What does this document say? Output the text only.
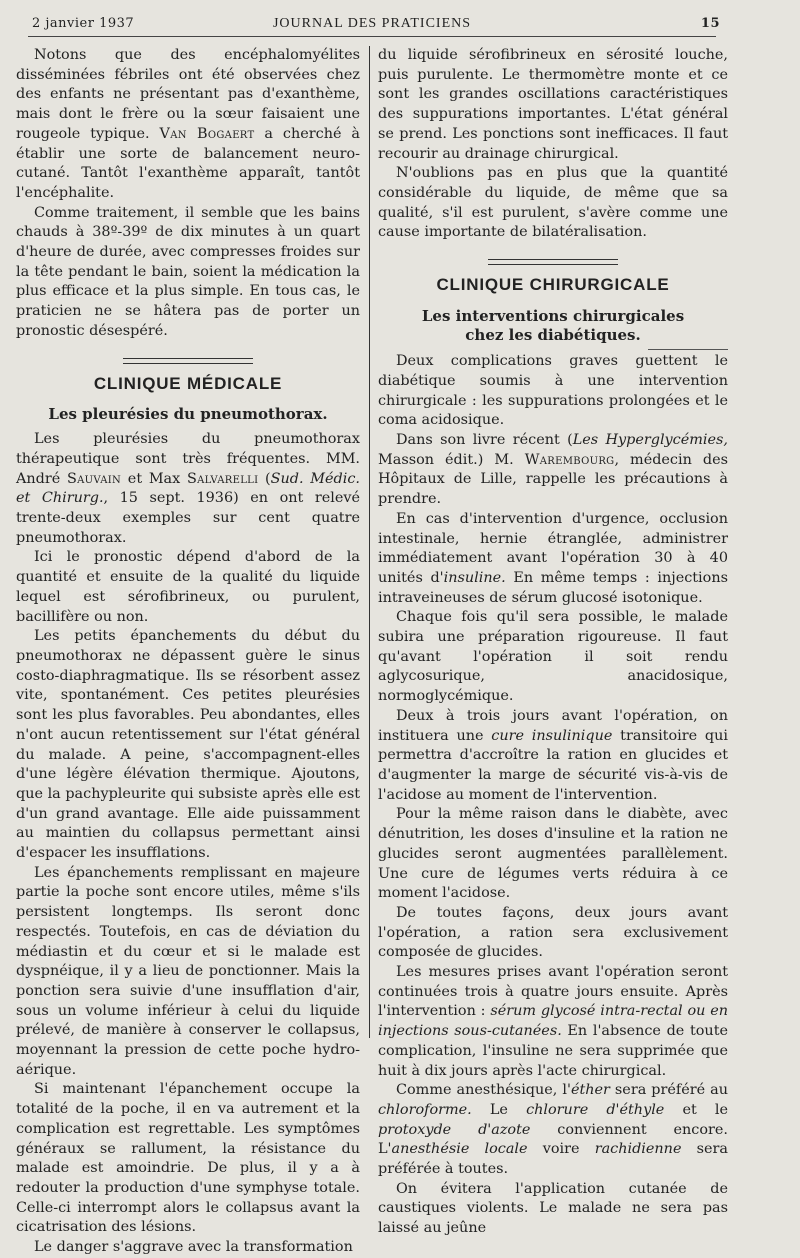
2 janvier 1937	JOURNAL DES PRATICIENS	15

Notons que des encéphalomyélites disséminées fébriles ont été observées chez des enfants ne présentant pas d'exanthème, mais dont le frère ou la sœur faisaient une rougeole typique. Van Bogaert a cherché à établir une sorte de balancement neuro-cutané. Tantôt l'exanthème apparaît, tantôt l'encéphalite.

Comme traitement, il semble que les bains chauds à 38º-39º de dix minutes à un quart d'heure de durée, avec compresses froides sur la tête pendant le bain, soient la médication la plus efficace et la plus simple. En tous cas, le praticien ne se hâtera pas de porter un pronostic désespéré.

CLINIQUE MÉDICALE
Les pleurésies du pneumothorax.

Les pleurésies du pneumothorax thérapeutique sont très fréquentes. MM. André Sauvain et Max Salvarelli (Sud. Médic. et Chirurg., 15 sept. 1936) en ont relevé trente-deux exemples sur cent quatre pneumothorax.

Ici le pronostic dépend d'abord de la quantité et ensuite de la qualité du liquide lequel est sérofibrineux, ou purulent, bacillifère ou non.

Les petits épanchements du début du pneumothorax ne dépassent guère le sinus costo-diaphragmatique. Ils se résorbent assez vite, spontanément. Ces petites pleurésies sont les plus favorables. Peu abondantes, elles n'ont aucun retentissement sur l'état général du malade. A peine, s'accompagnent-elles d'une légère élévation thermique. Ajoutons, que la pachypleurite qui subsiste après elle est d'un grand avantage. Elle aide puissamment au maintien du collapsus permettant ainsi d'espacer les insufflations.

Les épanchements remplissant en majeure partie la poche sont encore utiles, même s'ils persistent longtemps. Ils seront donc respectés. Toutefois, en cas de déviation du médiastin et du cœur et si le malade est dyspnéique, il y a lieu de ponctionner. Mais la ponction sera suivie d'une insufflation d'air, sous un volume inférieur à celui du liquide prélevé, de manière à conserver le collapsus, moyennant la pression de cette poche hydro-aérique.

Si maintenant l'épanchement occupe la totalité de la poche, il en va autrement et la complication est regrettable. Les symptômes généraux se rallument, la résistance du malade est amoindrie. De plus, il y a à redouter la production d'une symphyse totale. Celle-ci interrompt alors le collapsus avant la cicatrisation des lésions.

Le danger s'aggrave avec la transformation

du liquide sérofibrineux en sérosité louche, puis purulente. Le thermomètre monte et ce sont les grandes oscillations caractéristiques des suppurations importantes. L'état général se prend. Les ponctions sont inefficaces. Il faut recourir au drainage chirurgical.

N'oublions pas en plus que la quantité considérable du liquide, de même que sa qualité, s'il est purulent, s'avère comme une cause importante de bilatéralisation.

CLINIQUE CHIRURGICALE
Les interventions chirurgicales
chez les diabétiques.

Deux complications graves guettent le diabétique soumis à une intervention chirurgicale : les suppurations prolongées et le coma acidosique.

Dans son livre récent (Les Hyperglycémies, Masson édit.) M. Warembourg, médecin des Hôpitaux de Lille, rappelle les précautions à prendre.

En cas d'intervention d'urgence, occlusion intestinale, hernie étranglée, administrer immédiatement avant l'opération 30 à 40 unités d'insuline. En même temps : injections intraveineuses de sérum glucosé isotonique.

Chaque fois qu'il sera possible, le malade subira une préparation rigoureuse. Il faut qu'avant l'opération il soit rendu aglycosurique, anacidosique, normoglycémique.

Deux à trois jours avant l'opération, on instituera une cure insulinique transitoire qui permettra d'accroître la ration en glucides et d'augmenter la marge de sécurité vis-à-vis de l'acidose au moment de l'intervention.

Pour la même raison dans le diabète, avec dénutrition, les doses d'insuline et la ration ne glucides seront augmentées parallèlement. Une cure de légumes verts réduira à ce moment l'acidose.

De toutes façons, deux jours avant l'opération, a ration sera exclusivement composée de glucides.

Les mesures prises avant l'opération seront continuées trois à quatre jours ensuite. Après l'intervention : sérum glycosé intra-rectal ou en injections sous-cutanées. En l'absence de toute complication, l'insuline ne sera supprimée que huit à dix jours après l'acte chirurgical.

Comme anesthésique, l'éther sera préféré au chloroforme. Le chlorure d'éthyle et le protoxyde d'azote conviennent encore. L'anesthésie locale voire rachidienne sera préférée à toutes.

On évitera l'application cutanée de caustiques violents. Le malade ne sera pas laissé au jeûne
